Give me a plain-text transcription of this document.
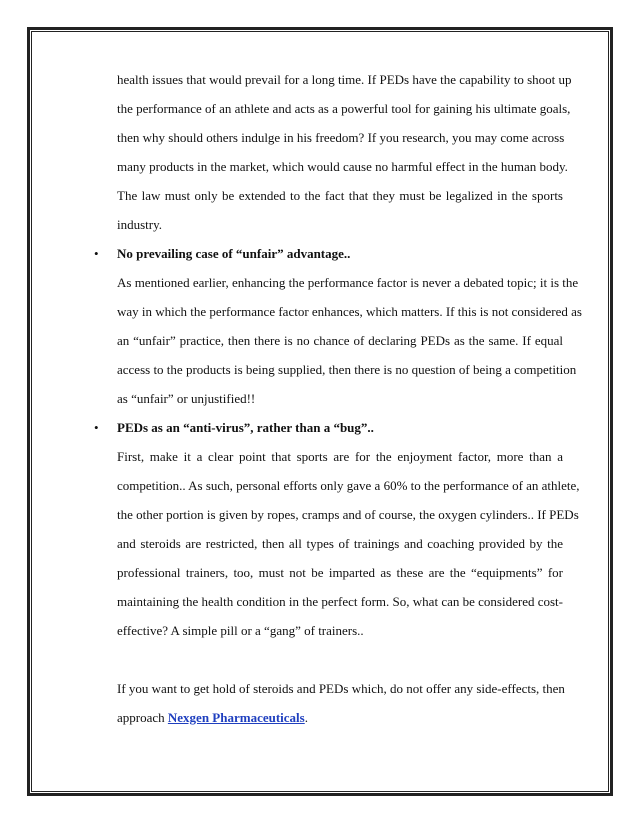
health issues that would prevail for a long time. If PEDs have the capability to shoot up
the performance of an athlete and acts as a powerful tool for gaining his ultimate goals,
then why should others indulge in his freedom? If you research, you may come across
many products in the market, which would cause no harmful effect in the human body.
The law must only be extended to the fact that they must be legalized in the sports
industry.
• No prevailing case of “unfair” advantage..
As mentioned earlier, enhancing the performance factor is never a debated topic; it is the
way in which the performance factor enhances, which matters. If this is not considered as
an “unfair” practice, then there is no chance of declaring PEDs as the same. If equal
access to the products is being supplied, then there is no question of being a competition
as “unfair” or unjustified!!
• PEDs as an “anti-virus”, rather than a “bug”..
First, make it a clear point that sports are for the enjoyment factor, more than a
competition.. As such, personal efforts only gave a 60% to the performance of an athlete,
the other portion is given by ropes, cramps and of course, the oxygen cylinders.. If PEDs
and steroids are restricted, then all types of trainings and coaching provided by the
professional trainers, too, must not be imparted as these are the “equipments” for
maintaining the health condition in the perfect form. So, what can be considered cost-
effective? A simple pill or a “gang” of trainers..
If you want to get hold of steroids and PEDs which, do not offer any side-effects, then
approach Nexgen Pharmaceuticals.
